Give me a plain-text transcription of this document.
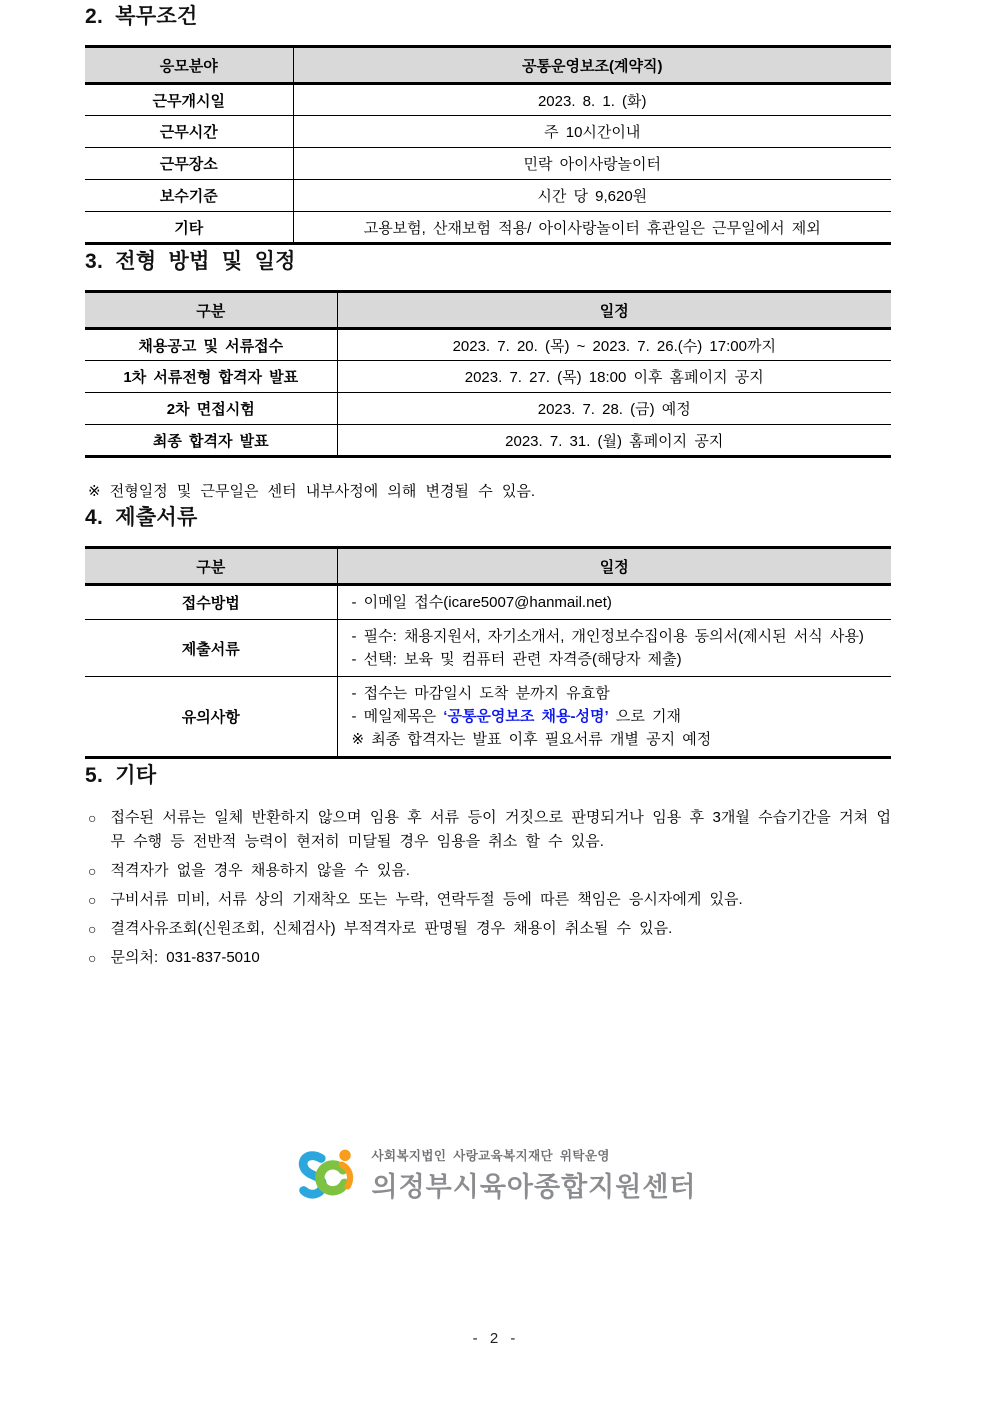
2. 복무조건
응모분야	공통운영보조(계약직)
근무개시일	2023. 8. 1. (화)
근무시간	주 10시간이내
근무장소	민락 아이사랑놀이터
보수기준	시간 당 9,620원
기타	고용보험, 산재보험 적용/ 아이사랑놀이터 휴관일은 근무일에서 제외
3. 전형 방법 및 일정
구분	일정
채용공고 및 서류접수	2023. 7. 20. (목) ~ 2023. 7. 26.(수) 17:00까지
1차 서류전형 합격자 발표	2023. 7. 27. (목) 18:00 이후 홈페이지 공지
2차 면접시험	2023. 7. 28. (금) 예정
최종 합격자 발표	2023. 7. 31. (월) 홈페이지 공지

※ 전형일정 및 근무일은 센터 내부사정에 의해 변경될 수 있음.

4. 제출서류
구분	일정
접수방법	- 이메일 접수(icare5007@hanmail.net)

제출서류	- 필수: 채용지원서, 자기소개서, 개인정보수집이용 동의서(제시된 서식 사용)
- 선택: 보육 및 컴퓨터 관련 자격증(해당자 제출)

유의사항	- 접수는 마감일시 도착 분까지 유효함
- 메일제목은 ‘공통운영보조 채용-성명’ 으로 기재
※ 최종 합격자는 발표 이후 필요서류 개별 공지 예정
5. 기타
○ 접수된 서류는 일체 반환하지 않으며 임용 후 서류 등이 거짓으로 판명되거나 임용 후 3개월 수습기간을 거쳐 업무 수행 등 전반적 능력이 현저히 미달될 경우 임용을 취소 할 수 있음.
○ 적격자가 없을 경우 채용하지 않을 수 있음.
○ 구비서류 미비, 서류 상의 기재착오 또는 누락, 연락두절 등에 따른 책임은 응시자에게 있음.
○ 결격사유조회(신원조회, 신체검사) 부적격자로 판명될 경우 채용이 취소될 수 있음.
○ 문의처: 031-837-5010
사회복지법인 사랑교육복지재단 위탁운영
의정부시육아종합지원센터
- 2 -
